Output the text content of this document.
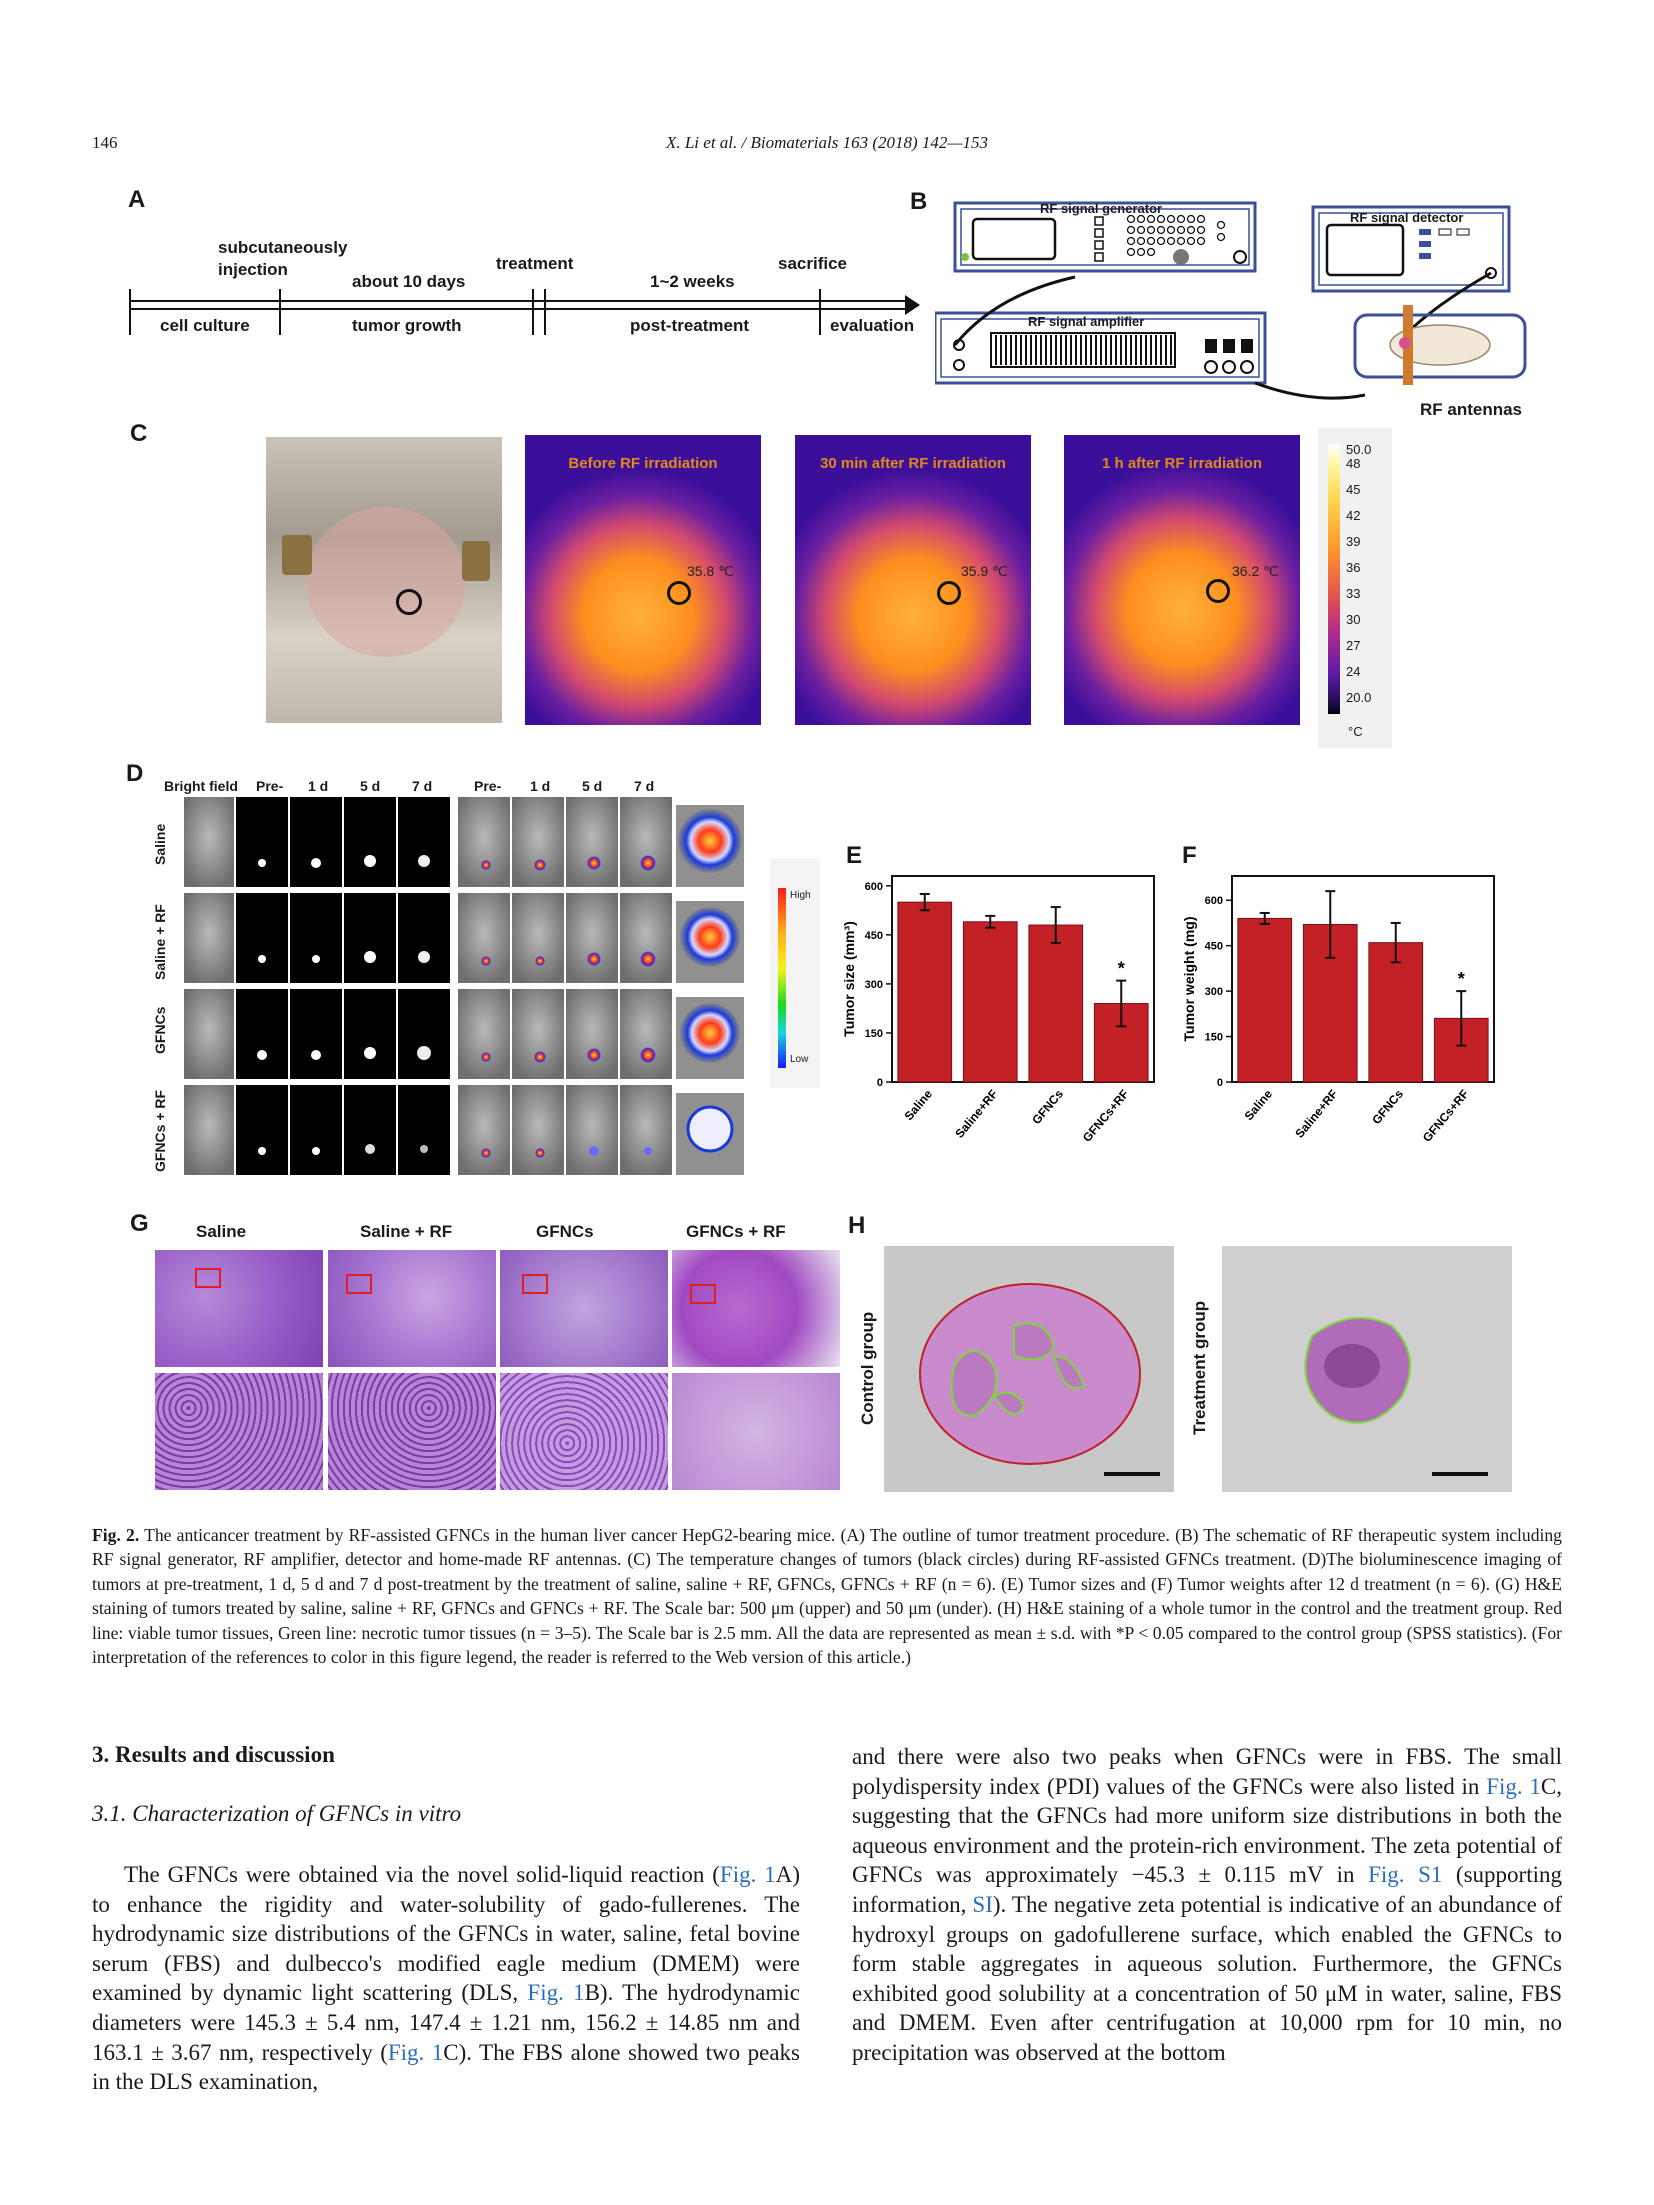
146	X. Li et al. / Biomaterials 163 (2018) 142—153
A	B
C
D
E	F
G	H
subcutaneously
injection
about 10 days
treatment
1~2 weeks
sacrifice
cell culture	tumor growth	post-treatment	evaluation
RF signal generator
RF signal detector
RF signal amplifier
RF antennas
Before RF irradiation
35.8 ℃
30 min after RF irradiation
35.9 ℃
1 h after RF irradiation
36.2 ℃
50.0
48
45
42
39
36
33
30
27
24
20.0
°C
Bright field Pre- 1 d 5 d 7 d	Pre- 1 d 5 d 7 d
Saline
Saline + RF
GFNCs
GFNCs + RF
High
Low
0
150
300
450
600
Tumor size (mm³)
Saline Saline+RF GFNCs
*
GFNCs+RF
0
150
300
450
600
Tumor weight (mg)
Saline Saline+RF GFNCs
*
GFNCs+RF
Saline	Saline + RF	GFNCs	GFNCs + RF
Control group	Treatment group
Fig. 2. The anticancer treatment by RF-assisted GFNCs in the human liver cancer HepG2-bearing mice. (A) The outline of tumor treatment procedure. (B) The schematic of RF therapeutic system including RF signal generator, RF amplifier, detector and home-made RF antennas. (C) The temperature changes of tumors (black circles) during RF-assisted GFNCs treatment. (D)The bioluminescence imaging of tumors at pre-treatment, 1 d, 5 d and 7 d post-treatment by the treatment of saline, saline + RF, GFNCs, GFNCs + RF (n = 6). (E) Tumor sizes and (F) Tumor weights after 12 d treatment (n = 6). (G) H&E staining of tumors treated by saline, saline + RF, GFNCs and GFNCs + RF. The Scale bar: 500 μm (upper) and 50 μm (under). (H) H&E staining of a whole tumor in the control and the treatment group. Red line: viable tumor tissues, Green line: necrotic tumor tissues (n = 3–5). The Scale bar is 2.5 mm. All the data are represented as mean ± s.d. with *P < 0.05 compared to the control group (SPSS statistics). (For interpretation of the references to color in this figure legend, the reader is referred to the Web version of this article.)
3. Results and discussion
3.1. Characterization of GFNCs in vitro

The GFNCs were obtained via the novel solid-liquid reaction (Fig. 1A) to enhance the rigidity and water-solubility of gado-fullerenes. The hydrodynamic size distributions of the GFNCs in water, saline, fetal bovine serum (FBS) and dulbecco's modified eagle medium (DMEM) were examined by dynamic light scattering (DLS, Fig. 1B). The hydrodynamic diameters were 145.3 ± 5.4 nm, 147.4 ± 1.21 nm, 156.2 ± 14.85 nm and 163.1 ± 3.67 nm, respectively (Fig. 1C). The FBS alone showed two peaks in the DLS examination,

and there were also two peaks when GFNCs were in FBS. The small polydispersity index (PDI) values of the GFNCs were also listed in Fig. 1C, suggesting that the GFNCs had more uniform size distributions in both the aqueous environment and the protein-rich environment. The zeta potential of GFNCs was approximately −45.3 ± 0.115 mV in Fig. S1 (supporting information, SI). The negative zeta potential is indicative of an abundance of hydroxyl groups on gadofullerene surface, which enabled the GFNCs to form stable aggregates in aqueous solution. Furthermore, the GFNCs exhibited good solubility at a concentration of 50 μM in water, saline, FBS and DMEM. Even after centrifugation at 10,000 rpm for 10 min, no precipitation was observed at the bottom
